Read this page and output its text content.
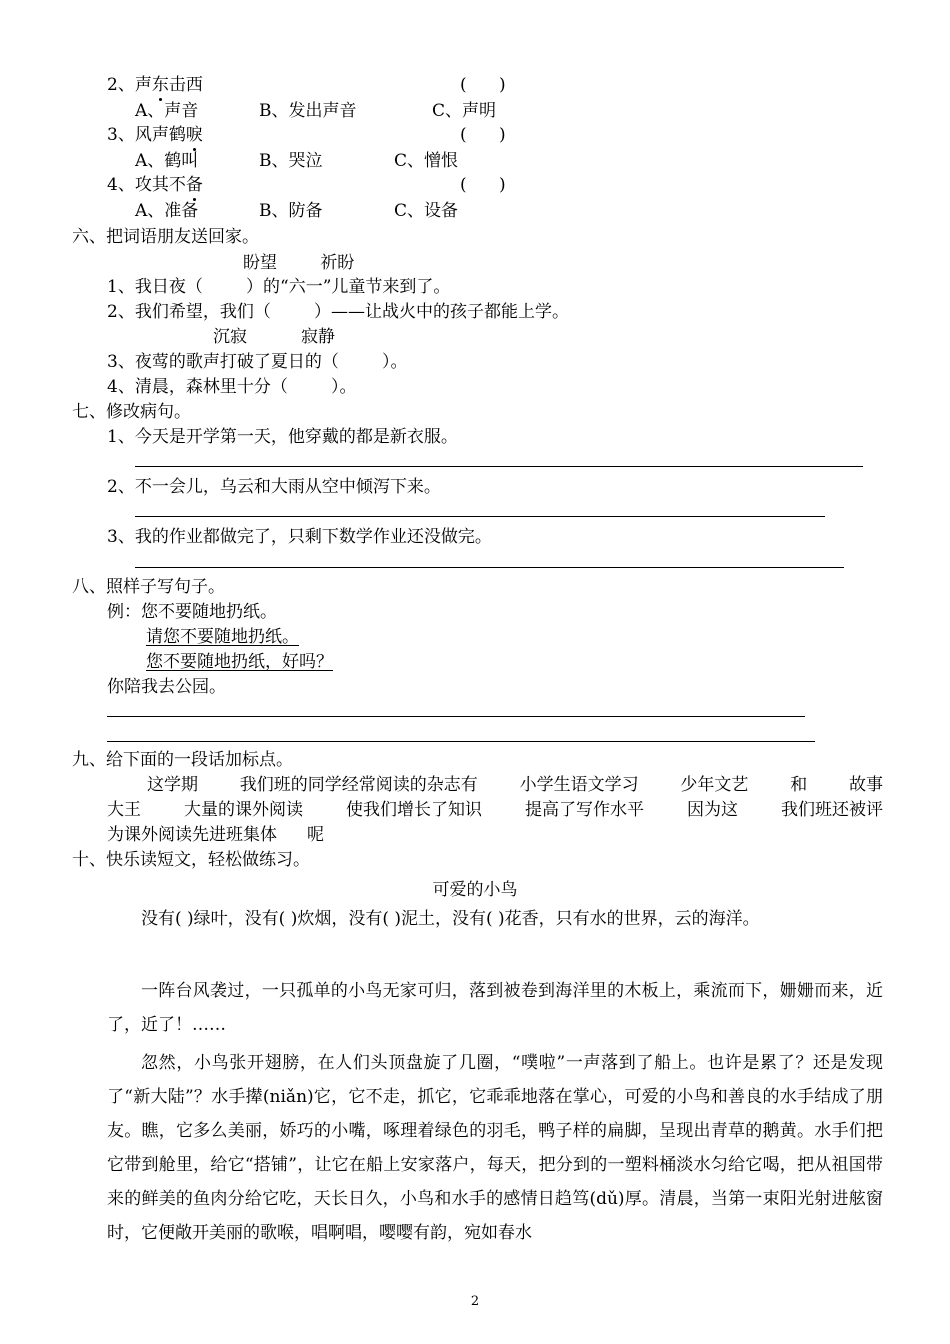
2、声东击西	(      )
A、声音	B、发出声音	C、声明
3、风声鹤唳	(      )
A、鹤叫	B、哭泣	C、憎恨
4、攻其不备	(      )
A、准备	B、防备	C、设备
六、把词语朋友送回家。
盼望        祈盼
1、我日夜（        ）的“六一”儿童节来到了。
2、我们希望，我们（        ）——让战火中的孩子都能上学。
沉寂          寂静
3、夜莺的歌声打破了夏日的（        ）。
4、清晨，森林里十分（        ）。
七、修改病句。
1、今天是开学第一天，他穿戴的都是新衣服。
2、不一会儿，乌云和大雨从空中倾泻下来。
3、我的作业都做完了，只剩下数学作业还没做完。
八、照样子写句子。
例：您不要随地扔纸。
请您不要随地扔纸。
您不要随地扔纸，好吗？
你陪我去公园。
九、给下面的一段话加标点。
这学期 我们班的同学经常阅读的杂志有 小学生语文学习 少年文艺 和 故事
大王	大量的课外阅读	使我们增长了知识	提高了写作水平	因为这	我们班还被评
为课外阅读先进班集体 呢
十、快乐读短文，轻松做练习。
可爱的小鸟
没有( )绿叶，没有( )炊烟，没有( )泥土，没有( )花香，只有水的世界，云的海洋。
一阵台风袭过，一只孤单的小鸟无家可归，落到被卷到海洋里的木板上，乘流而下，姗姗而来，近了，近了！……
忽然，小鸟张开翅膀，在人们头顶盘旋了几圈，“噗啦”一声落到了船上。也许是累了？还是发现了“新大陆”？水手撵(niǎn)它，它不走，抓它，它乖乖地落在掌心，可爱的小鸟和善良的水手结成了朋友。瞧，它多么美丽，娇巧的小嘴，啄理着绿色的羽毛，鸭子样的扁脚，呈现出青草的鹅黄。水手们把它带到舱里，给它“搭铺”，让它在船上安家落户，每天，把分到的一塑料桶淡水匀给它喝，把从祖国带来的鲜美的鱼肉分给它吃，天长日久，小鸟和水手的感情日趋笃(dǔ)厚。清晨，当第一束阳光射进舷窗时，它便敞开美丽的歌喉，唱啊唱，嘤嘤有韵，宛如春水
2
